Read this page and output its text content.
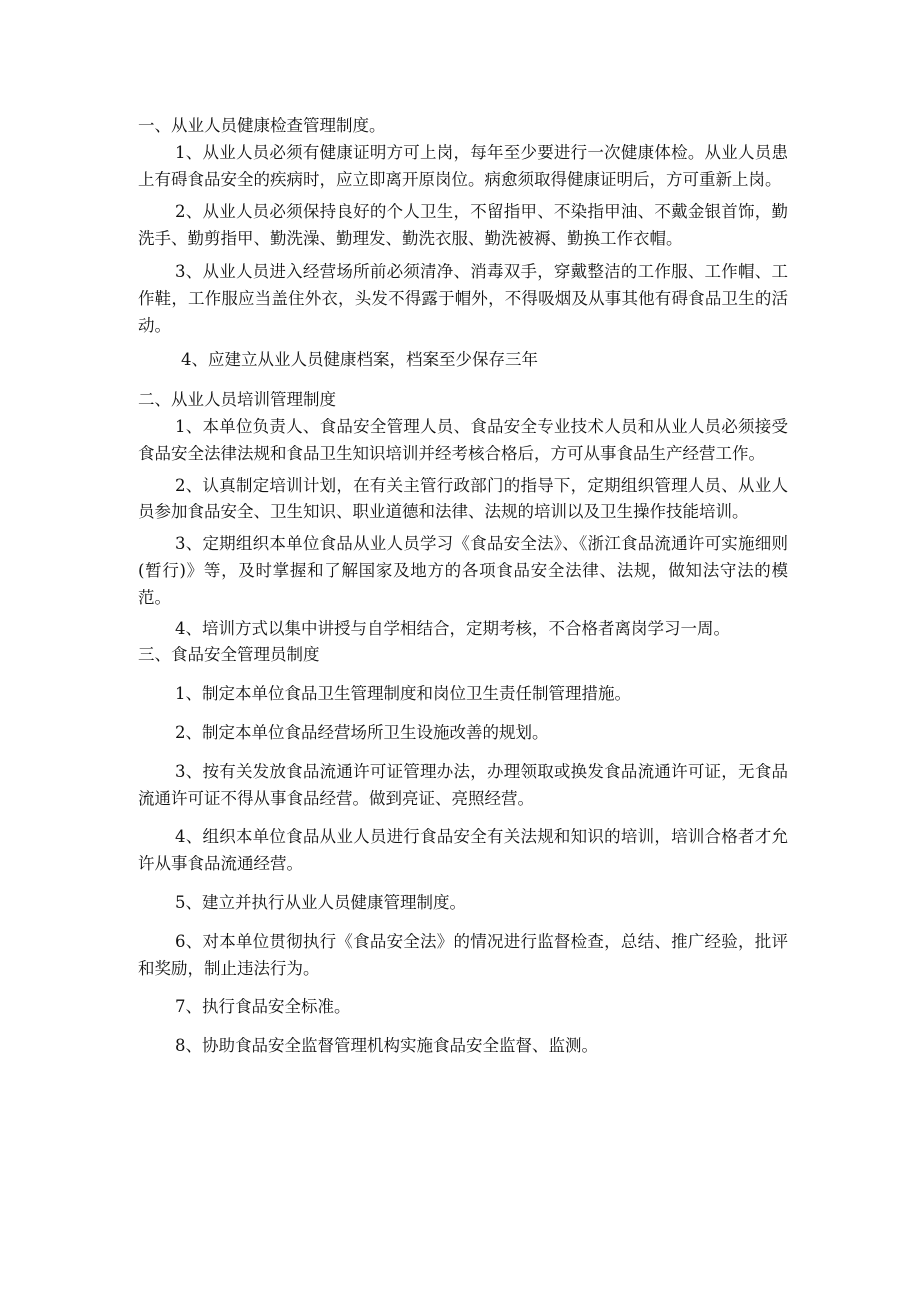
一、从业人员健康检查管理制度。

1、从业人员必须有健康证明方可上岗，每年至少要进行一次健康体检。从业人员患上有碍食品安全的疾病时，应立即离开原岗位。病愈须取得健康证明后，方可重新上岗。

2、从业人员必须保持良好的个人卫生，不留指甲、不染指甲油、不戴金银首饰，勤洗手、勤剪指甲、勤洗澡、勤理发、勤洗衣服、勤洗被褥、勤换工作衣帽。

3、从业人员进入经营场所前必须清净、消毒双手，穿戴整洁的工作服、工作帽、工作鞋，工作服应当盖住外衣，头发不得露于帽外，不得吸烟及从事其他有碍食品卫生的活动。

4、应建立从业人员健康档案，档案至少保存三年

二、从业人员培训管理制度

1、本单位负责人、食品安全管理人员、食品安全专业技术人员和从业人员必须接受食品安全法律法规和食品卫生知识培训并经考核合格后，方可从事食品生产经营工作。

2、认真制定培训计划，在有关主管行政部门的指导下，定期组织管理人员、从业人员参加食品安全、卫生知识、职业道德和法律、法规的培训以及卫生操作技能培训。

3、定期组织本单位食品从业人员学习《食品安全法》、《浙江食品流通许可实施细则(暂行)》等，及时掌握和了解国家及地方的各项食品安全法律、法规，做知法守法的模范。

4、培训方式以集中讲授与自学相结合，定期考核，不合格者离岗学习一周。

三、食品安全管理员制度

1、制定本单位食品卫生管理制度和岗位卫生责任制管理措施。

2、制定本单位食品经营场所卫生设施改善的规划。

3、按有关发放食品流通许可证管理办法，办理领取或换发食品流通许可证，无食品流通许可证不得从事食品经营。做到亮证、亮照经营。

4、组织本单位食品从业人员进行食品安全有关法规和知识的培训，培训合格者才允许从事食品流通经营。

5、建立并执行从业人员健康管理制度。

6、对本单位贯彻执行《食品安全法》的情况进行监督检查，总结、推广经验，批评和奖励，制止违法行为。

7、执行食品安全标准。

8、协助食品安全监督管理机构实施食品安全监督、监测。
